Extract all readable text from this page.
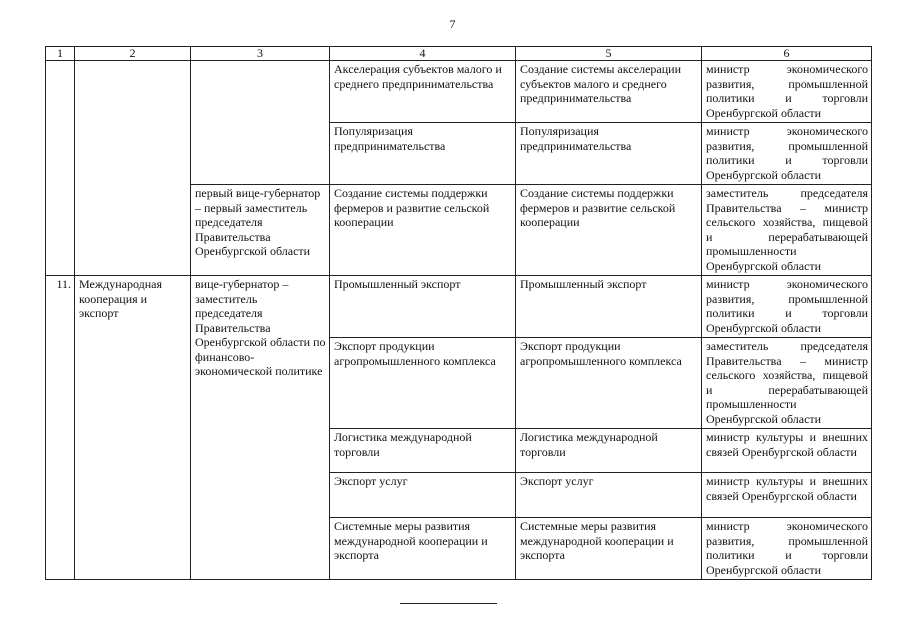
7
1	2	3	4	5	6
			Акселерация субъектов малого и среднего предпринимательства	Создание системы акселерации субъектов малого и среднего предпринимательства	министр экономического развития, промышленной политики и торговли Оренбургской области
			Популяризация предпринимательства	Популяризация предпринимательства	министр экономического развития, промышленной политики и торговли Оренбургской области
		первый вице-губернатор – первый заместитель председателя Правительства Оренбургской области	Создание системы поддержки фермеров и развитие сельской кооперации	Создание системы поддержки фермеров и развитие сельской кооперации	заместитель председателя Правительства – министр сельского хозяйства, пищевой и перерабатывающей промышленности Оренбургской области
11.	Международная кооперация и экспорт	вице-губернатор – заместитель председателя Правительства Оренбургской области по финансово-экономической политике	Промышленный экспорт	Промышленный экспорт	министр экономического развития, промышленной политики и торговли Оренбургской области
			Экспорт продукции агропромышленного комплекса	Экспорт продукции агропромышленного комплекса	заместитель председателя Правительства – министр сельского хозяйства, пищевой и перерабатывающей промышленности Оренбургской области
			Логистика международной торговли	Логистика международной торговли	министр культуры и внешних связей Оренбургской области
			Экспорт услуг	Экспорт услуг	министр культуры и внешних связей Оренбургской области
			Системные меры развития международной кооперации и экспорта	Системные меры развития международной кооперации и экспорта	министр экономического развития, промышленной политики и торговли Оренбургской области
